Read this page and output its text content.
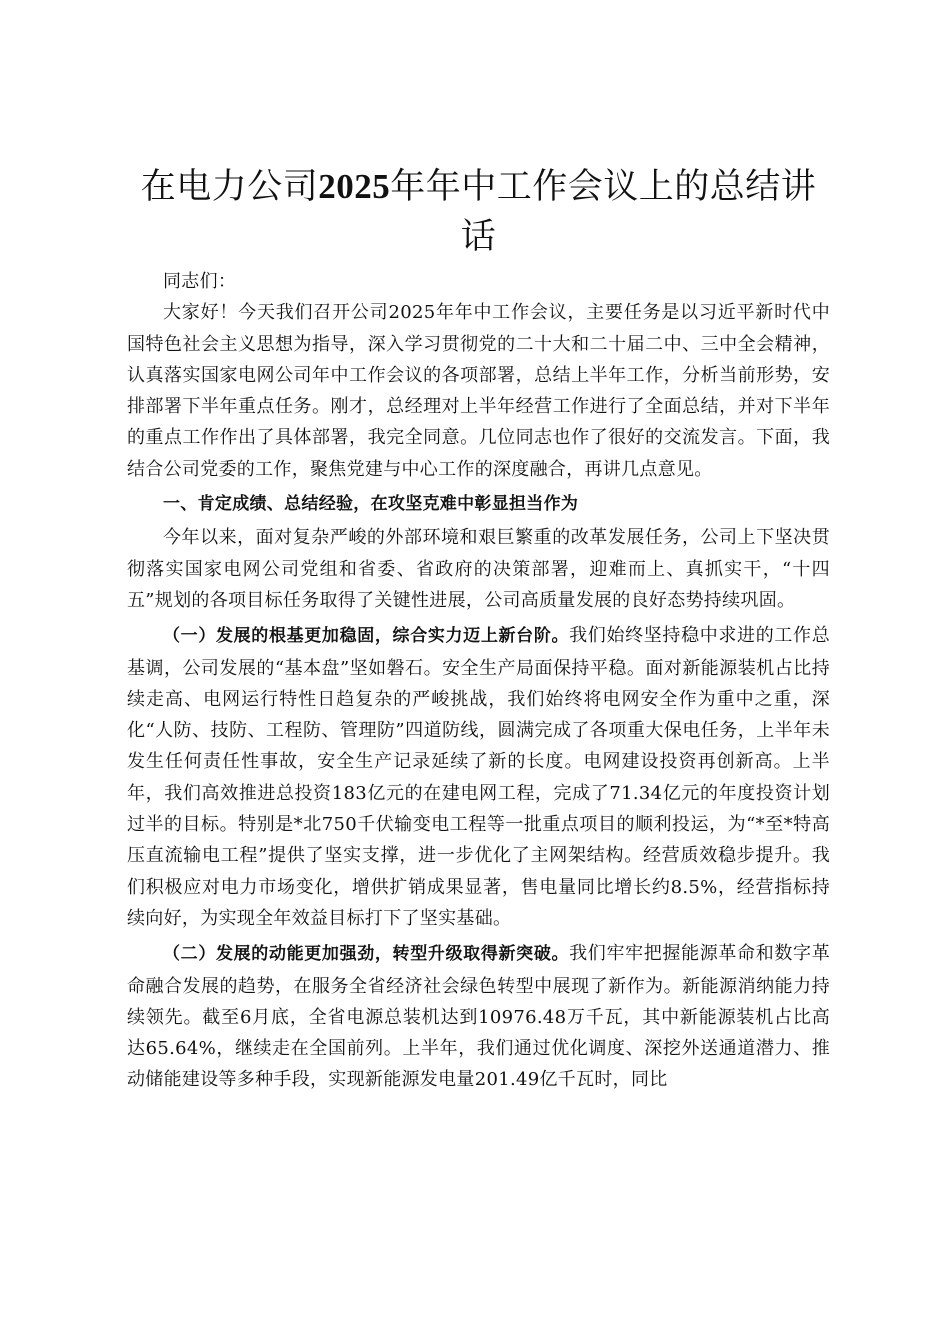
在电力公司2025年年中工作会议上的总结讲话

同志们：

大家好！今天我们召开公司2025年年中工作会议，主要任务是以习近平新时代中国特色社会主义思想为指导，深入学习贯彻党的二十大和二十届二中、三中全会精神，认真落实国家电网公司年中工作会议的各项部署，总结上半年工作，分析当前形势，安排部署下半年重点任务。刚才，总经理对上半年经营工作进行了全面总结，并对下半年的重点工作作出了具体部署，我完全同意。几位同志也作了很好的交流发言。下面，我结合公司党委的工作，聚焦党建与中心工作的深度融合，再讲几点意见。

一、肯定成绩、总结经验，在攻坚克难中彰显担当作为

今年以来，面对复杂严峻的外部环境和艰巨繁重的改革发展任务，公司上下坚决贯彻落实国家电网公司党组和省委、省政府的决策部署，迎难而上、真抓实干，“十四五”规划的各项目标任务取得了关键性进展，公司高质量发展的良好态势持续巩固。

（一）发展的根基更加稳固，综合实力迈上新台阶。我们始终坚持稳中求进的工作总基调，公司发展的“基本盘”坚如磐石。安全生产局面保持平稳。面对新能源装机占比持续走高、电网运行特性日趋复杂的严峻挑战，我们始终将电网安全作为重中之重，深化“人防、技防、工程防、管理防”四道防线，圆满完成了各项重大保电任务，上半年未发生任何责任性事故，安全生产记录延续了新的长度。电网建设投资再创新高。上半年，我们高效推进总投资183亿元的在建电网工程，完成了71.34亿元的年度投资计划过半的目标。特别是*北750千伏输变电工程等一批重点项目的顺利投运，为“*至*特高压直流输电工程”提供了坚实支撑，进一步优化了主网架结构。经营质效稳步提升。我们积极应对电力市场变化，增供扩销成果显著，售电量同比增长约8.5%，经营指标持续向好，为实现全年效益目标打下了坚实基础。

（二）发展的动能更加强劲，转型升级取得新突破。我们牢牢把握能源革命和数字革命融合发展的趋势，在服务全省经济社会绿色转型中展现了新作为。新能源消纳能力持续领先。截至6月底，全省电源总装机达到10976.48万千瓦，其中新能源装机占比高达65.64%，继续走在全国前列。上半年，我们通过优化调度、深挖外送通道潜力、推动储能建设等多种手段，实现新能源发电量201.49亿千瓦时，同比
